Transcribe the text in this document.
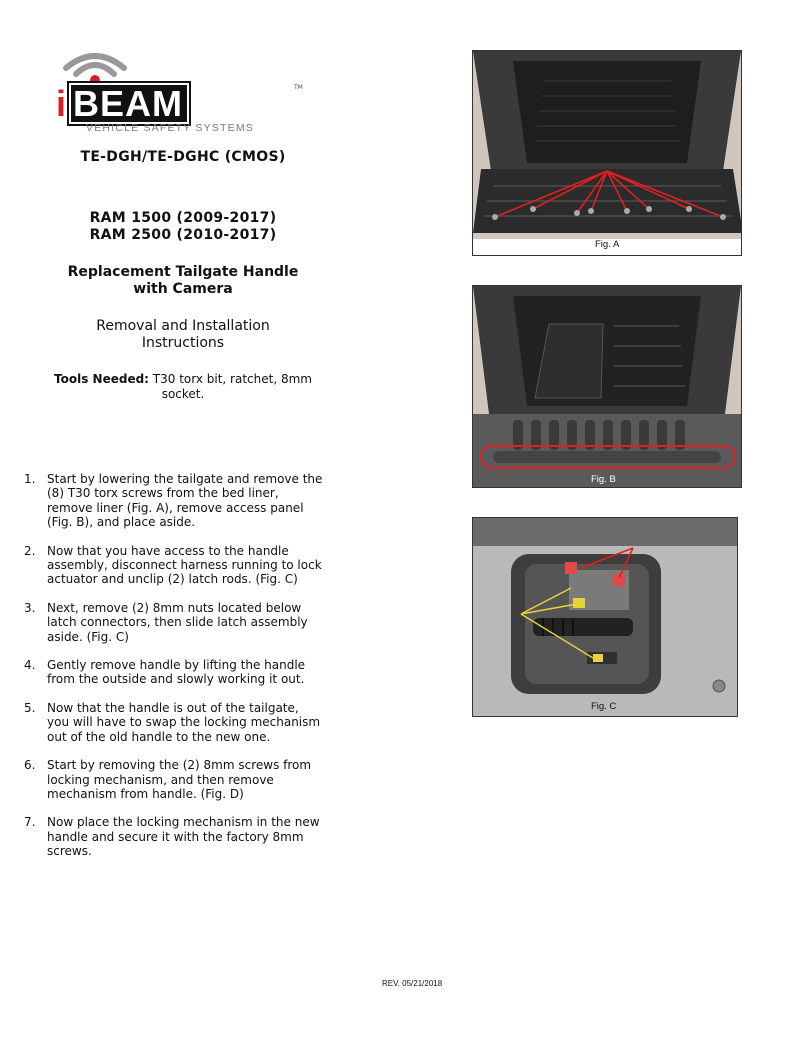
i BEAM	TM
VEHICLE SAFETY SYSTEMS
TE-DGH/TE-DGHC (CMOS)
RAM 1500 (2009-2017)
RAM 2500 (2010-2017)
Replacement Tailgate Handle
with Camera
Removal and Installation
Instructions
Tools Needed: T30 torx bit, ratchet, 8mm socket.
1. Start by lowering the tailgate and remove the (8) T30 torx screws from the bed liner, remove liner (Fig. A), remove access panel (Fig. B), and place aside.
2. Now that you have access to the handle assembly, disconnect harness running to lock actuator and unclip (2) latch rods. (Fig. C)
3. Next, remove (2) 8mm nuts located below latch connectors, then slide latch assembly aside. (Fig. C)
4. Gently remove handle by lifting the handle from the outside and slowly working it out.
5. Now that the handle is out of the tailgate, you will have to swap the locking mechanism out of the old handle to the new one.
6. Start by removing the (2) 8mm screws from locking mechanism, and then remove mechanism from handle. (Fig. D)
7. Now place the locking mechanism in the new handle and secure it with the factory 8mm screws.
Fig. A
Fig. B
Fig. C
REV. 05/21/2018
